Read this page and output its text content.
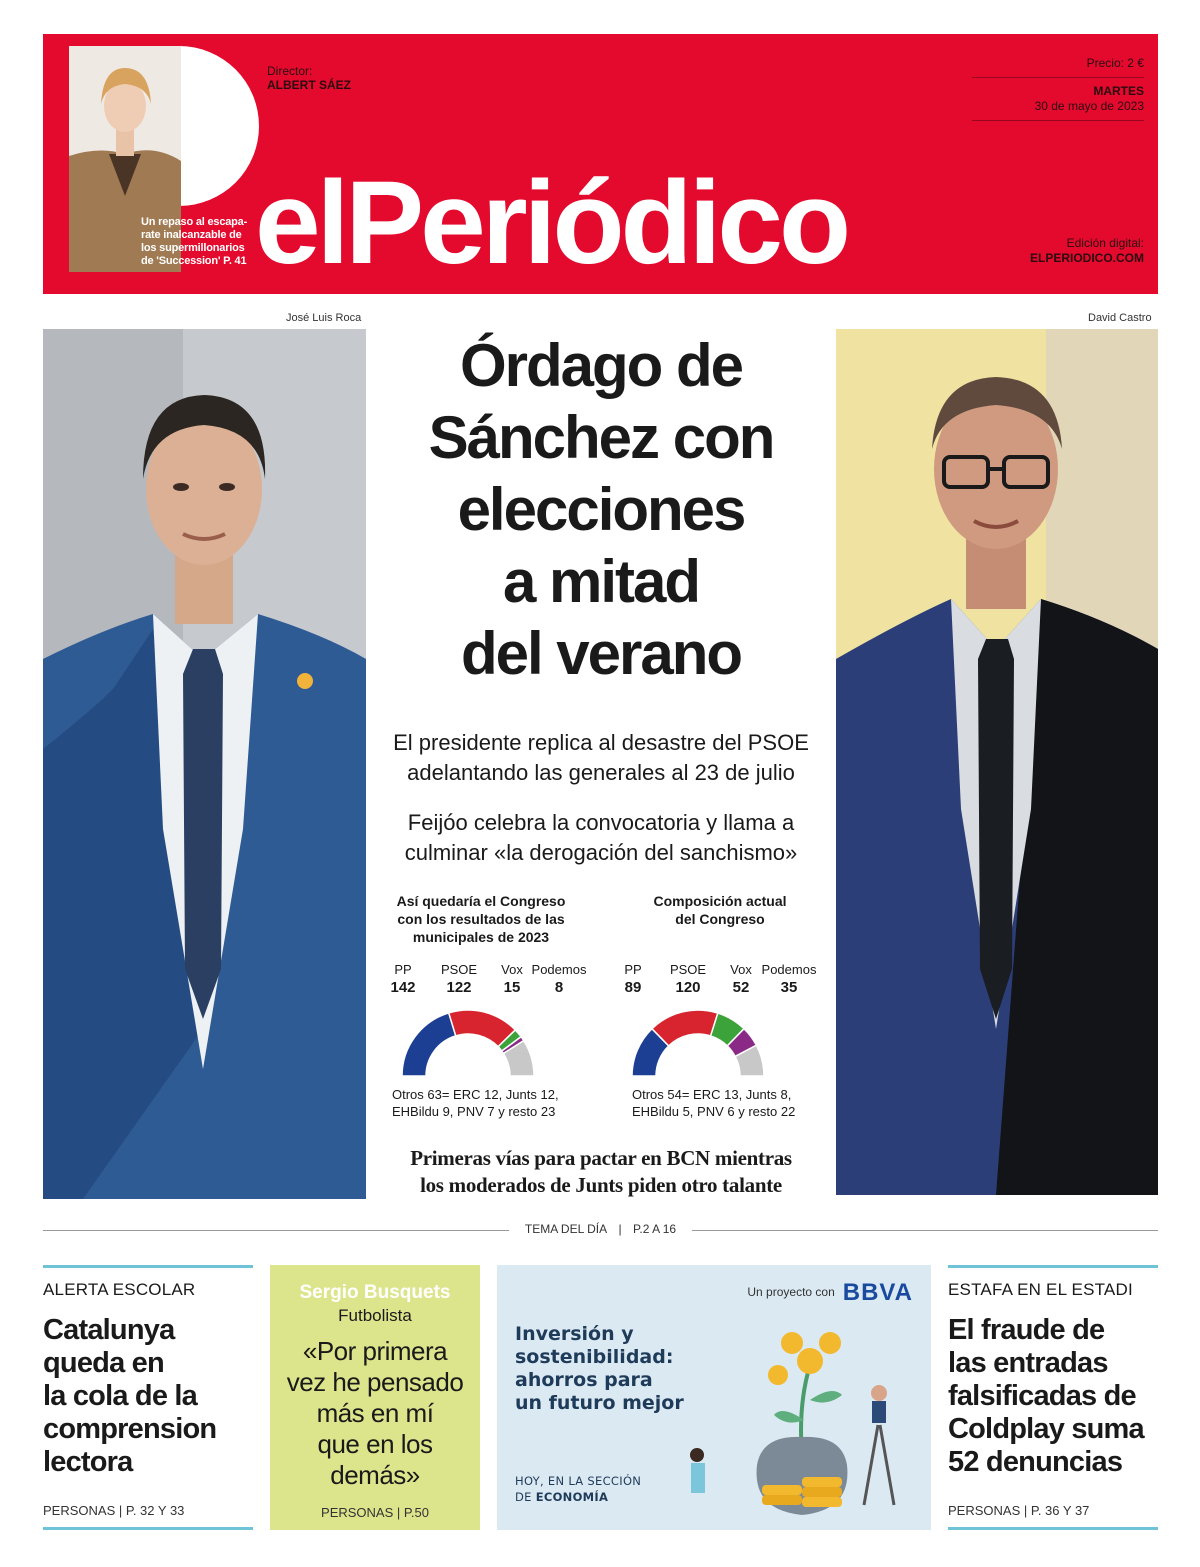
Un repaso al escapa-
rate inalcanzable de
los supermillonarios
de 'Succession' P. 41
Director:
ALBERT SÁEZ
elPeriódico
Precio: 2 €
MARTES
30 de mayo de 2023
Edición digital:
ELPERIODICO.COM
José Luis Roca	David Castro
Órdago de
Sánchez con
elecciones
a mitad
del verano
El presidente replica al desastre del PSOE
adelantando las generales al 23 de julio
Feijóo celebra la convocatoria y llama a
culminar «la derogación del sanchismo»
Así quedaría el Congreso
con los resultados de las
municipales de 2023
PP
142
PSOE
122
Vox
15
Podemos
8
Otros 63= ERC 12, Junts 12,
EHBildu 9, PNV 7 y resto 23
Composición actual
del Congreso
PP
89
PSOE
120
Vox
52
Podemos
35
Otros 54= ERC 13, Junts 8,
EHBildu 5, PNV 6 y resto 22
Primeras vías para pactar en BCN mientras
los moderados de Junts piden otro talante
TEMA DEL DÍA | P.2 A 16
ALERTA ESCOLAR
Catalunya
queda en
la cola de la
comprension
lectora
PERSONAS | P. 32 Y 33
Sergio Busquets
Futbolista
«Por primera
vez he pensado
más en mí
que en los
demás»
PERSONAS | P.50
Un proyecto con BBVA
Inversión y
sostenibilidad:
ahorros para
un futuro mejor
HOY, EN LA SECCIÓN
DE ECONOMÍA
ESTAFA EN EL ESTADI
El fraude de
las entradas
falsificadas de
Coldplay suma
52 denuncias
PERSONAS | P. 36 Y 37
